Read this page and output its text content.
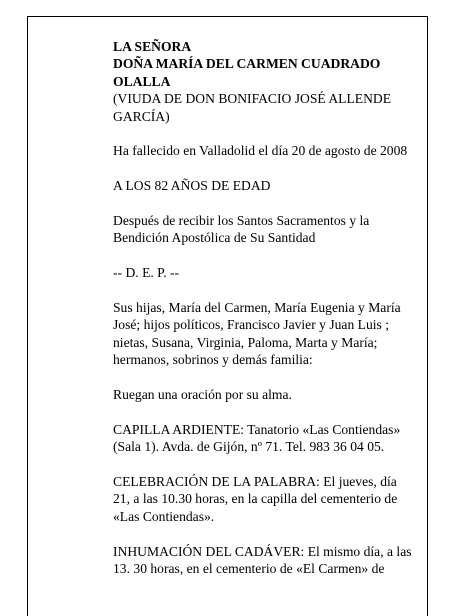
LA SEÑORA
DOÑA MARÍA DEL CARMEN CUADRADO
OLALLA

(VIUDA DE DON BONIFACIO JOSÉ ALLENDE GARCÍA)

Ha fallecido en Valladolid el día 20 de agosto de 2008

A LOS 82 AÑOS DE EDAD

Después de recibir los Santos Sacramentos y la Bendición Apostólica de Su Santidad

-- D. E. P. --

Sus hijas, María del Carmen, María Eugenia y María José; hijos políticos, Francisco Javier y Juan Luis ; nietas, Susana, Virginia, Paloma, Marta y María; hermanos, sobrinos y demás familia:

Ruegan una oración por su alma.

CAPILLA ARDIENTE: Tanatorio «Las Contiendas» (Sala 1). Avda. de Gijón, nº 71. Tel. 983 36 04 05.

CELEBRACIÓN DE LA PALABRA: El jueves, día 21, a las 10.30 horas, en la capilla del cementerio de «Las Contiendas».

INHUMACIÓN DEL CADÁVER: El mismo día, a las 13. 30 horas, en el cementerio de «El Carmen» de
